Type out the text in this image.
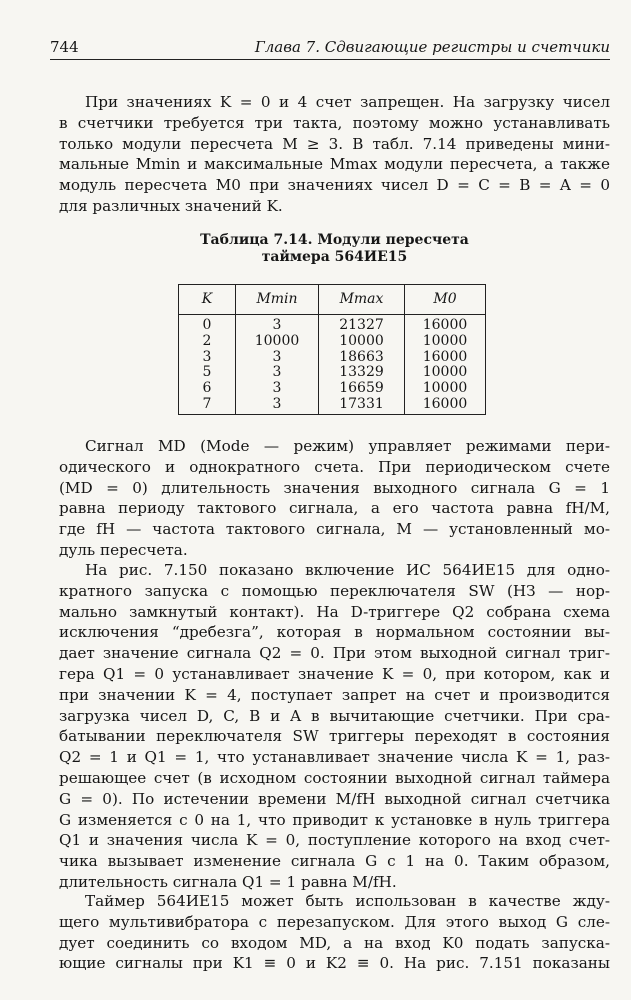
744	Глава 7. Сдвигающие регистры и счетчики
При значениях K = 0 и 4 счет запрещен. На загрузку чисел
в счетчики требуется три такта, поэтому можно устанавливать
только модули пересчета M ≥ 3. В табл. 7.14 приведены мини-
мальные Mmin и максимальные Mmax модули пересчета, а также
модуль пересчета M0 при значениях чисел D = C = B = A = 0
для различных значений K.
Таблица 7.14. Модули пересчета
таймера 564ИЕ15
K	Mmin	Mmax	M0
0	3	21327	16000
2	10000	10000	10000
3	3	18663	16000
5	3	13329	10000
6	3	16659	10000
7	3	17331	16000
Сигнал MD (Mode — режим) управляет режимами пери-
одического и однократного счета. При периодическом счете
(MD = 0) длительность значения выходного сигнала G = 1
равна периоду тактового сигнала, а его частота равна fH/M,
где fH — частота тактового сигнала, M — установленный мо-
дуль пересчета.
На рис. 7.150 показано включение ИС 564ИЕ15 для одно-
кратного запуска с помощью переключателя SW (НЗ — нор-
мально замкнутый контакт). На D-триггере Q2 собрана схема
исключения “дребезга”, которая в нормальном состоянии вы-
дает значение сигнала Q2 = 0. При этом выходной сигнал триг-
гера Q1 = 0 устанавливает значение K = 0, при котором, как и
при значении K = 4, поступает запрет на счет и производится
загрузка чисел D, C, B и A в вычитающие счетчики. При сра-
батывании переключателя SW триггеры переходят в состояния
Q2 = 1 и Q1 = 1, что устанавливает значение числа K = 1, раз-
решающее счет (в исходном состоянии выходной сигнал таймера
G = 0). По истечении времени M/fH выходной сигнал счетчика
G изменяется с 0 на 1, что приводит к установке в нуль триггера
Q1 и значения числа K = 0, поступление которого на вход счет-
чика вызывает изменение сигнала G с 1 на 0. Таким образом,
длительность сигнала Q1 = 1 равна M/fH.
Таймер 564ИЕ15 может быть использован в качестве жду-
щего мультивибратора с перезапуском. Для этого выход G сле-
дует соединить со входом MD, а на вход K0 подать запуска-
ющие сигналы при K1 ≡ 0 и K2 ≡ 0. На рис. 7.151 показаны
